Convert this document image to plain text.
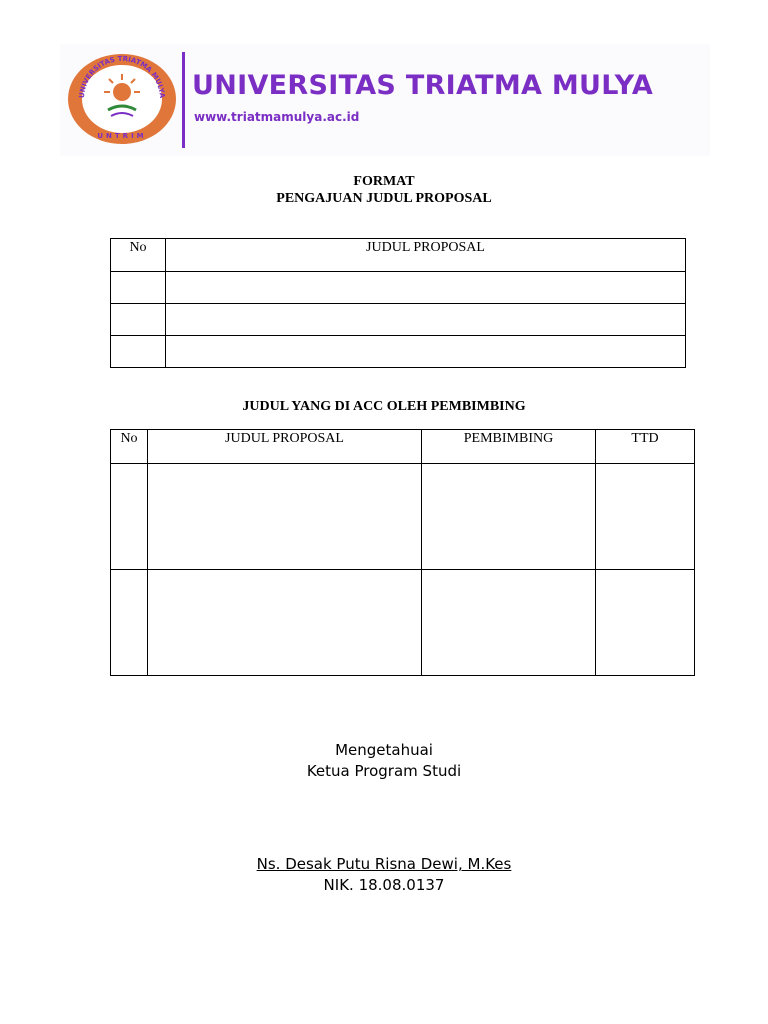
UNIVERSITAS TRIATMA MULYA
UNTRIM
UNIVERSITAS TRIATMA MULYA
www.triatmamulya.ac.id
FORMAT
PENGAJUAN JUDUL PROPOSAL
No	JUDUL PROPOSAL

JUDUL YANG DI ACC OLEH PEMBIMBING
No	JUDUL PROPOSAL	PEMBIMBING	TTD

Mengetahuai
Ketua Program Studi
Ns. Desak Putu Risna Dewi, M.Kes
NIK. 18.08.0137
